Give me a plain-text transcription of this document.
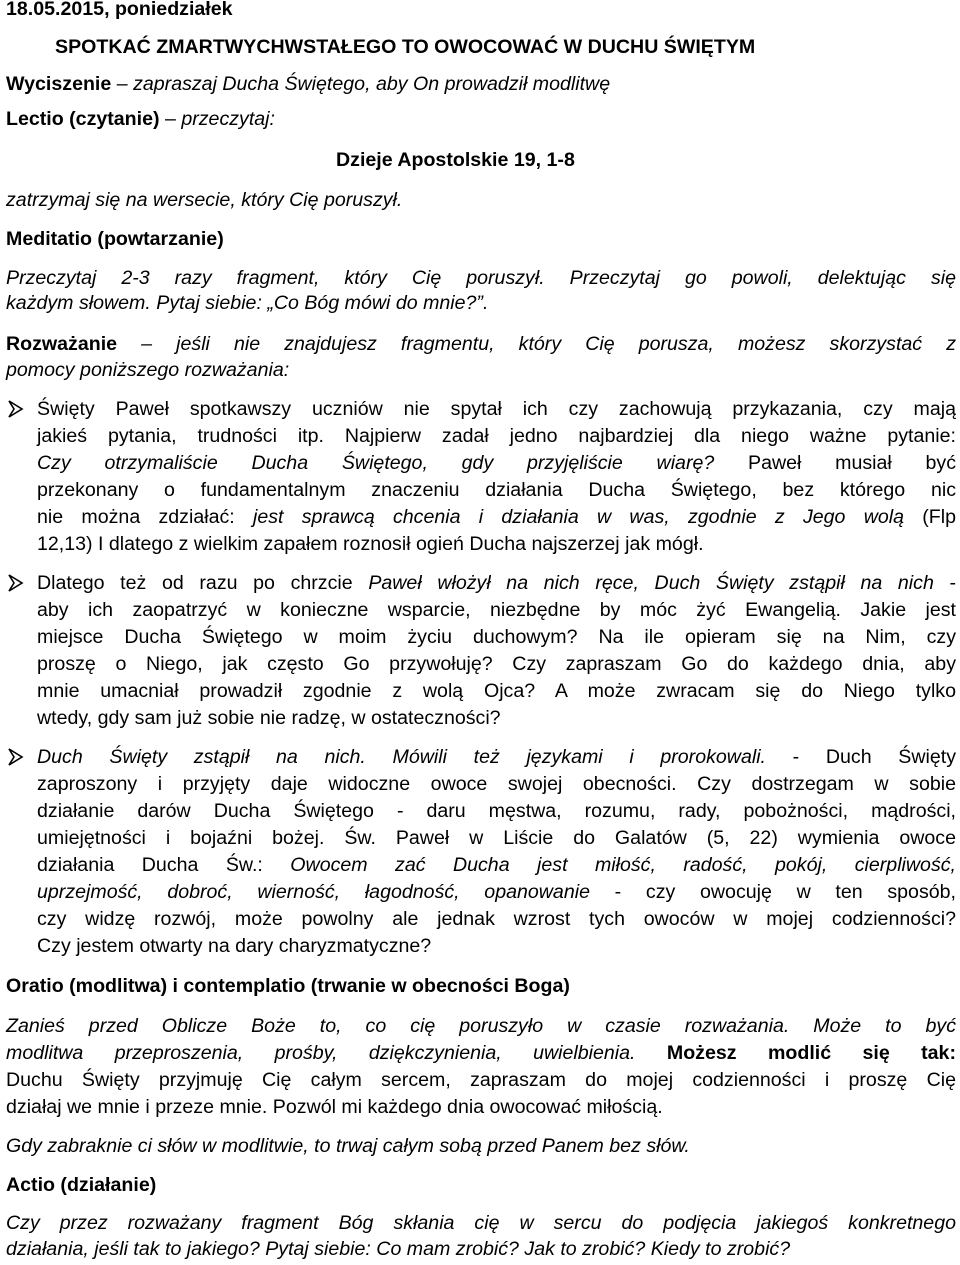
18.05.2015, poniedziałek
SPOTKAĆ ZMARTWYCHWSTAŁEGO TO OWOCOWAĆ W DUCHU ŚWIĘTYM
Wyciszenie – zapraszaj Ducha Świętego, aby On prowadził modlitwę
Lectio (czytanie) – przeczytaj:
Dzieje Apostolskie 19, 1-8
zatrzymaj się na wersecie, który Cię poruszył.
Meditatio (powtarzanie)
Przeczytaj 2-3 razy fragment, który Cię poruszył. Przeczytaj go powoli, delektując się
każdym słowem. Pytaj siebie: „Co Bóg mówi do mnie?”.
Rozważanie – jeśli nie znajdujesz fragmentu, który Cię porusza, możesz skorzystać z
pomocy poniższego rozważania:
Święty Paweł spotkawszy uczniów nie spytał ich czy zachowują przykazania, czy mają
jakieś pytania, trudności itp. Najpierw zadał jedno najbardziej dla niego ważne pytanie:
Czy otrzymaliście Ducha Świętego, gdy przyjęliście wiarę? Paweł musiał być
przekonany o fundamentalnym znaczeniu działania Ducha Świętego, bez którego nic
nie można zdziałać: jest sprawcą chcenia i działania w was, zgodnie z Jego wolą (Flp
12,13) I dlatego z wielkim zapałem roznosił ogień Ducha najszerzej jak mógł.
Dlatego też od razu po chrzcie Paweł włożył na nich ręce, Duch Święty zstąpił na nich -
aby ich zaopatrzyć w konieczne wsparcie, niezbędne by móc żyć Ewangelią. Jakie jest
miejsce Ducha Świętego w moim życiu duchowym? Na ile opieram się na Nim, czy
proszę o Niego, jak często Go przywołuję? Czy zapraszam Go do każdego dnia, aby
mnie umacniał prowadził zgodnie z wolą Ojca? A może zwracam się do Niego tylko
wtedy, gdy sam już sobie nie radzę, w ostateczności?
Duch Święty zstąpił na nich. Mówili też językami i prorokowali. - Duch Święty
zaproszony i przyjęty daje widoczne owoce swojej obecności. Czy dostrzegam w sobie
działanie darów Ducha Świętego - daru męstwa, rozumu, rady, pobożności, mądrości,
umiejętności i bojaźni bożej. Św. Paweł w Liście do Galatów (5, 22) wymienia owoce
działania Ducha Św.: Owocem zać Ducha jest miłość, radość, pokój, cierpliwość,
uprzejmość, dobroć, wierność, łagodność, opanowanie - czy owocuję w ten sposób,
czy widzę rozwój, może powolny ale jednak wzrost tych owoców w mojej codzienności?
Czy jestem otwarty na dary charyzmatyczne?
Oratio (modlitwa) i contemplatio (trwanie w obecności Boga)
Zanieś przed Oblicze Boże to, co cię poruszyło w czasie rozważania. Może to być
modlitwa przeproszenia, prośby, dziękczynienia, uwielbienia. Możesz modlić się tak:
Duchu Święty przyjmuję Cię całym sercem, zapraszam do mojej codzienności i proszę Cię
działaj we mnie i przeze mnie. Pozwól mi każdego dnia owocować miłością.
Gdy zabraknie ci słów w modlitwie, to trwaj całym sobą przed Panem bez słów.
Actio (działanie)
Czy przez rozważany fragment Bóg skłania cię w sercu do podjęcia jakiegoś konkretnego
działania, jeśli tak to jakiego? Pytaj siebie: Co mam zrobić? Jak to zrobić? Kiedy to zrobić?
